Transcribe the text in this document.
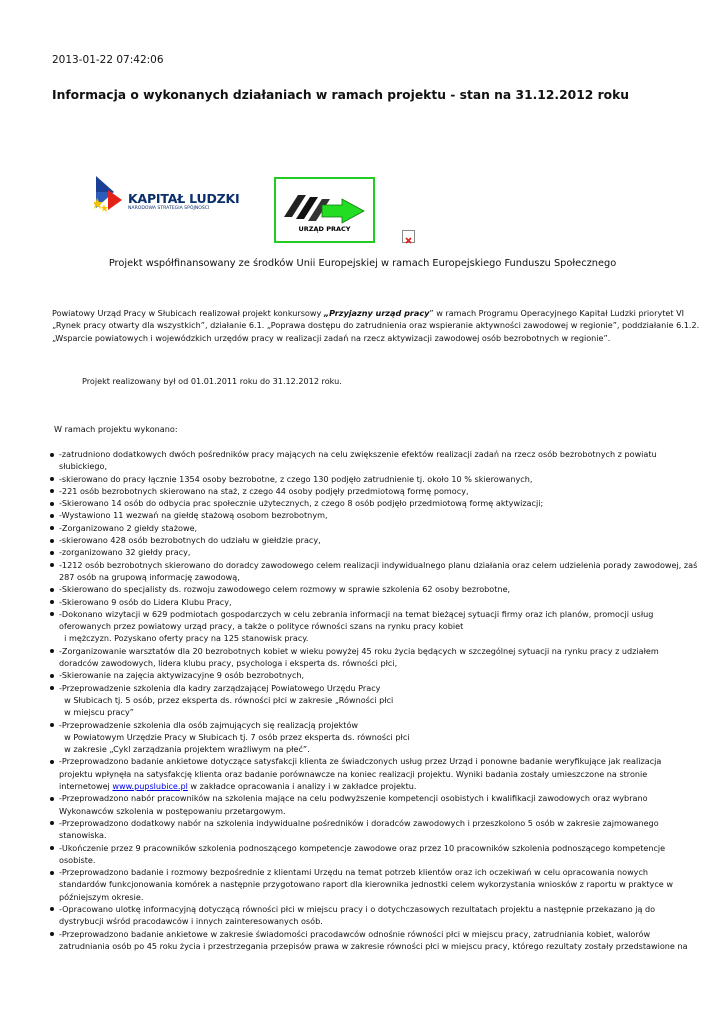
2013-01-22 07:42:06
Informacja o wykonanych działaniach w ramach projektu - stan na 31.12.2012 roku
KAPITAŁ LUDZKI
NARODOWA STRATEGIA SPÓJNOŚCI
URZĄD PRACY
Projekt współfinansowany ze środków Unii Europejskiej w ramach Europejskiego Funduszu Społecznego
Powiatowy Urząd Pracy w Słubicach realizował projekt konkursowy „Przyjazny urząd pracy” w ramach Programu Operacyjnego Kapitał Ludzki priorytet VI
„Rynek pracy otwarty dla wszystkich”, działanie 6.1. „Poprawa dostępu do zatrudnienia oraz wspieranie aktywności zawodowej w regionie”, poddziałanie 6.1.2.
„Wsparcie powiatowych i wojewódzkich urzędów pracy w realizacji zadań na rzecz aktywizacji zawodowej osób bezrobotnych w regionie”.
Projekt realizowany był od 01.01.2011 roku do 31.12.2012 roku.
W ramach projektu wykonano:
-zatrudniono dodatkowych dwóch pośredników pracy mających na celu zwiększenie efektów realizacji zadań na rzecz osób bezrobotnych z powiatu
słubickiego,
-skierowano do pracy łącznie 1354 osoby bezrobotne, z czego 130 podjęło zatrudnienie tj. około 10 % skierowanych,
-221 osób bezrobotnych skierowano na staż, z czego 44 osoby podjęły przedmiotową formę pomocy,
-Skierowano 14 osób do odbycia prac społecznie użytecznych, z czego 8 osób podjęło przedmiotową formę aktywizacji;
-Wystawiono 11 wezwań na giełdę stażową osobom bezrobotnym,
-Zorganizowano 2 giełdy stażowe,
-skierowano 428 osób bezrobotnych do udziału w giełdzie pracy,
-zorganizowano 32 giełdy pracy,
-1212 osób bezrobotnych skierowano do doradcy zawodowego celem realizacji indywidualnego planu działania oraz celem udzielenia porady zawodowej, zaś
287 osób na grupową informację zawodową,
-Skierowano do specjalisty ds. rozwoju zawodowego celem rozmowy w sprawie szkolenia 62 osoby bezrobotne,
-Skierowano 9 osób do Lidera Klubu Pracy,
-Dokonano wizytacji w 629 podmiotach gospodarczych w celu zebrania informacji na temat bieżącej sytuacji firmy oraz ich planów, promocji usług
oferowanych przez powiatowy urząd pracy, a także o polityce równości szans na rynku pracy kobiet
i mężczyzn. Pozyskano oferty pracy na 125 stanowisk pracy.
-Zorganizowanie warsztatów dla 20 bezrobotnych kobiet w wieku powyżej 45 roku życia będących w szczególnej sytuacji na rynku pracy z udziałem
doradców zawodowych, lidera klubu pracy, psychologa i eksperta ds. równości płci,
-Skierowanie na zajęcia aktywizacyjne 9 osób bezrobotnych,
-Przeprowadzenie szkolenia dla kadry zarządzającej Powiatowego Urzędu Pracy
w Słubicach tj. 5 osób, przez eksperta ds. równości płci w zakresie „Równości płci
w miejscu pracy”
-Przeprowadzenie szkolenia dla osób zajmujących się realizacją projektów
w Powiatowym Urzędzie Pracy w Słubicach tj. 7 osób przez eksperta ds. równości płci
w zakresie „Cykl zarządzania projektem wrażliwym na płeć”.
-Przeprowadzono badanie ankietowe dotyczące satysfakcji klienta ze świadczonych usług przez Urząd i ponowne badanie weryfikujące jak realizacja
projektu wpłynęła na satysfakcję klienta oraz badanie porównawcze na koniec realizacji projektu. Wyniki badania zostały umieszczone na stronie
internetowej www.pupslubice.pl w zakładce opracowania i analizy i w zakładce projektu.
-Przeprowadzono nabór pracowników na szkolenia mające na celu podwyższenie kompetencji osobistych i kwalifikacji zawodowych oraz wybrano
Wykonawców szkolenia w postępowaniu przetargowym.
-Przeprowadzono dodatkowy nabór na szkolenia indywidualne pośredników i doradców zawodowych i przeszkolono 5 osób w zakresie zajmowanego
stanowiska.
-Ukończenie przez 9 pracowników szkolenia podnoszącego kompetencje zawodowe oraz przez 10 pracowników szkolenia podnoszącego kompetencje
osobiste.
-Przeprowadzono badanie i rozmowy bezpośrednie z klientami Urzędu na temat potrzeb klientów oraz ich oczekiwań w celu opracowania nowych
standardów funkcjonowania komórek a następnie przygotowano raport dla kierownika jednostki celem wykorzystania wniosków z raportu w praktyce w
późniejszym okresie.
-Opracowano ulotkę informacyjną dotyczącą równości płci w miejscu pracy i o dotychczasowych rezultatach projektu a następnie przekazano ją do
dystrybucji wśród pracodawców i innych zainteresowanych osób.
-Przeprowadzono badanie ankietowe w zakresie świadomości pracodawców odnośnie równości płci w miejscu pracy, zatrudniania kobiet, walorów
zatrudniania osób po 45 roku życia i przestrzegania przepisów prawa w zakresie równości płci w miejscu pracy, którego rezultaty zostały przedstawione na
